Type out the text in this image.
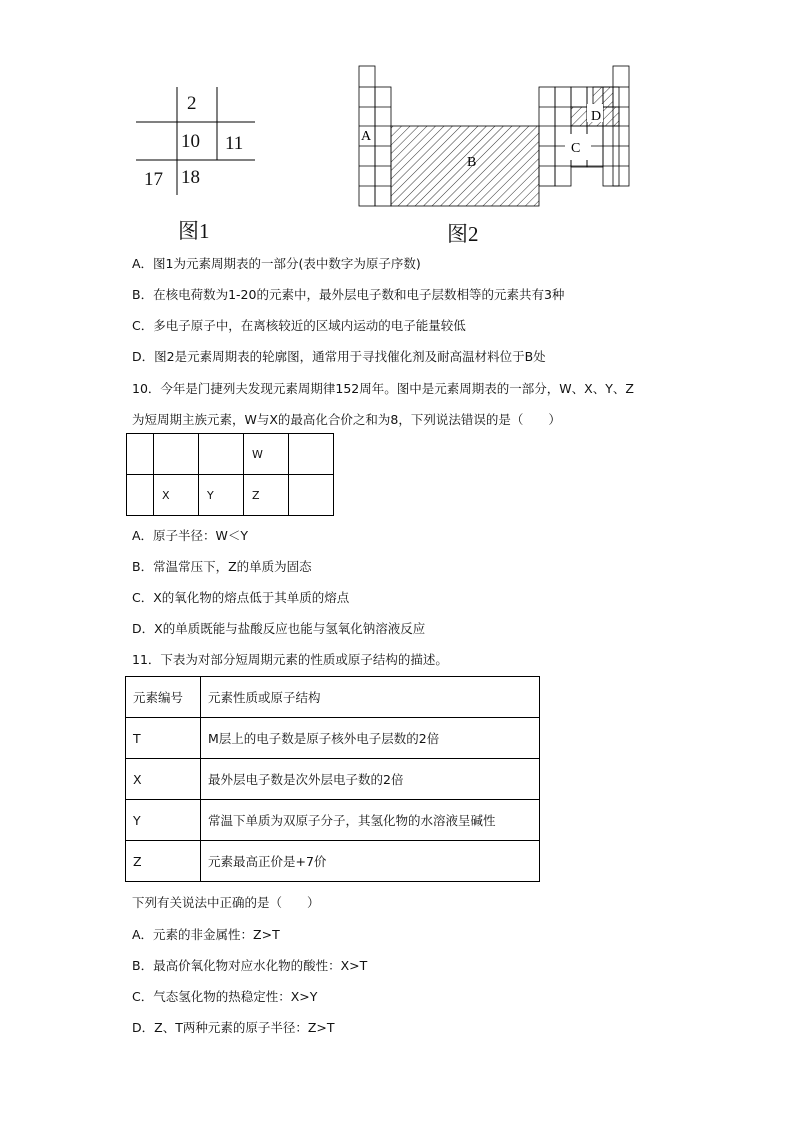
2
10 11
17 18
图1
A
B
C
D
图2
A．图1为元素周期表的一部分(表中数字为原子序数)
B．在核电荷数为1-20的元素中，最外层电子数和电子层数相等的元素共有3种
C．多电子原子中，在离核较近的区域内运动的电子能量较低
D．图2是元素周期表的轮廓图，通常用于寻找催化剂及耐高温材料位于B处
10．今年是门捷列夫发现元素周期律152周年。图中是元素周期表的一部分，W、X、Y、Z
为短周期主族元素，W与X的最高化合价之和为8，下列说法错误的是（　　）
			W	
	X	Y	Z	
A．原子半径：W＜Y
B．常温常压下，Z的单质为固态
C．X的氧化物的熔点低于其单质的熔点
D．X的单质既能与盐酸反应也能与氢氧化钠溶液反应
11．下表为对部分短周期元素的性质或原子结构的描述。
元素编号	元素性质或原子结构
T	M层上的电子数是原子核外电子层数的2倍
X	最外层电子数是次外层电子数的2倍
Y	常温下单质为双原子分子，其氢化物的水溶液呈碱性
Z	元素最高正价是+7价
下列有关说法中正确的是（　　）
A．元素的非金属性：Z>T
B．最高价氧化物对应水化物的酸性：X>T
C．气态氢化物的热稳定性：X>Y
D．Z、T两种元素的原子半径：Z>T
